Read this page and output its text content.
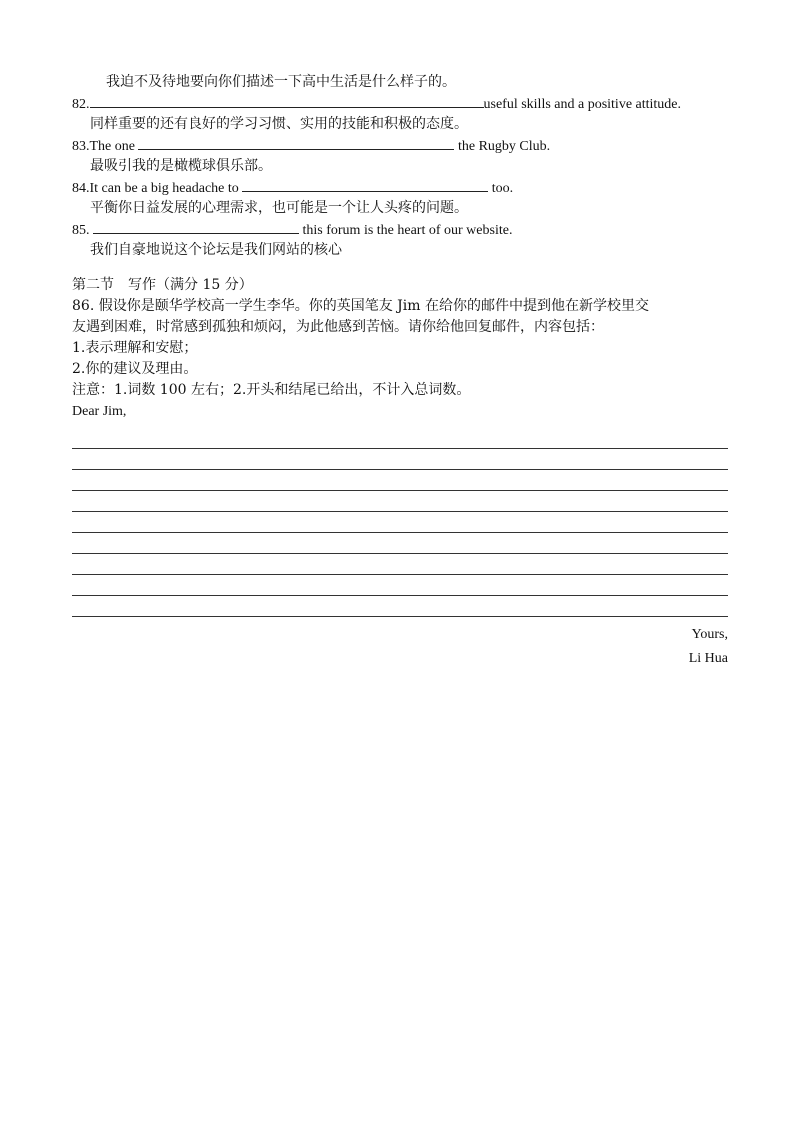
我迫不及待地要向你们描述一下高中生活是什么样子的。
82.	useful skills and a positive attitude.
同样重要的还有良好的学习习惯、实用的技能和积极的态度。
83.The one	the Rugby Club.
最吸引我的是橄榄球俱乐部。
84.It can be a big headache to	too.
平衡你日益发展的心理需求，也可能是一个让人头疼的问题。
85.	this forum is the heart of our website.
我们自豪地说这个论坛是我们网站的核心
第二节　写作（满分 15 分）
86. 假设你是颐华学校高一学生李华。你的英国笔友 Jim 在给你的邮件中提到他在新学校里交
友遇到困难，时常感到孤独和烦闷，为此他感到苦恼。请你给他回复邮件，内容包括：
1.表示理解和安慰；
2.你的建议及理由。
注意：1.词数 100 左右；2.开头和结尾已给出，不计入总词数。
Dear Jim,
Yours,
Li Hua
